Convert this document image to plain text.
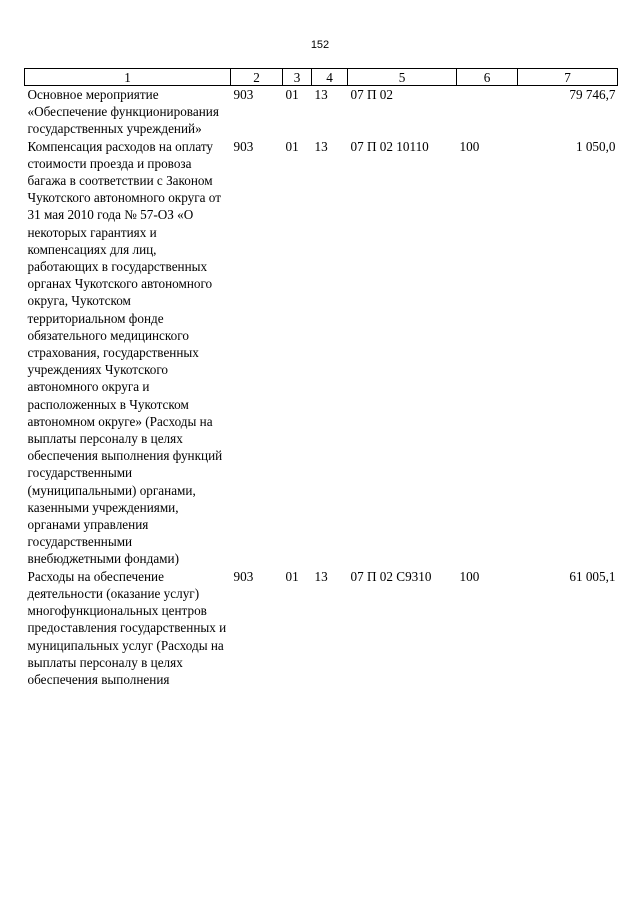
152
1	2	3	4	5	6	7
Основное мероприятие «Обеспечение функционирования государственных учреждений»	903	01	13	07 П 02		79 746,7
Компенсация расходов на оплату стоимости проезда и провоза багажа в соответствии с Законом Чукотского автономного округа от 31 мая 2010 года № 57-ОЗ «О некоторых гарантиях и компенсациях для лиц, работающих в государственных органах Чукотского автономного округа, Чукотском территориальном фонде обязательного медицинского страхования, государственных учреждениях Чукотского автономного округа и расположенных в Чукотском автономном округе» (Расходы на выплаты персоналу в целях обеспечения выполнения функций государственными (муниципальными) органами, казенными учреждениями, органами управления государственными внебюджетными фондами)	903	01	13	07 П 02 10110	100	1 050,0
Расходы на обеспечение деятельности (оказание услуг) многофункциональных центров предоставления государственных и муниципальных услуг (Расходы на выплаты персоналу в целях обеспечения выполнения	903	01	13	07 П 02 С9310	100	61 005,1
